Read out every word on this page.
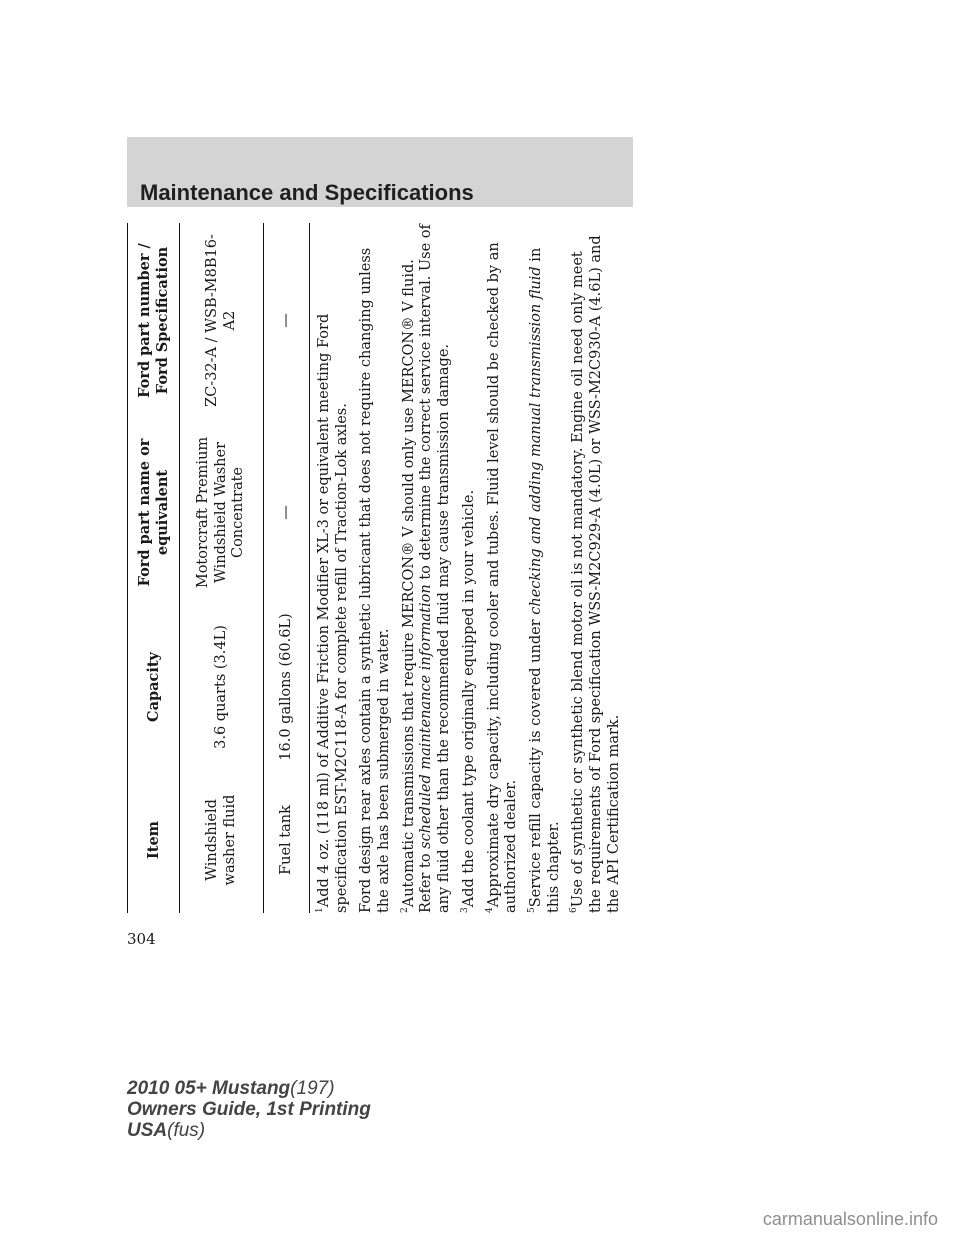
Maintenance and Specifications
Item	Capacity	Ford part name or equivalent	Ford part number / Ford Specification
Windshield washer fluid	3.6 quarts (3.4L)	Motorcraft Premium Windshield Washer Concentrate	ZC-32-A / WSB-M8B16-A2
Fuel tank	16.0 gallons (60.6L)	—	—

$^1$Add 4 oz. (118 ml) of Additive Friction Modifier XL-3 or equivalent meeting Ford specification EST-M2C118-A for complete refill of Traction-Lok axles. Ford design rear axles contain a synthetic lubricant that does not require changing unless the axle has been submerged in water. $^2$Automatic transmissions that require MERCON® V should only use MERCON® V fluid. Refer to scheduled maintenance information to determine the correct service interval. Use of any fluid other than the recommended fluid may cause transmission damage. $^3$Add the coolant type originally equipped in your vehicle.

$^4$Approximate dry capacity, including cooler and tubes. Fluid level should be checked by an authorized dealer. $^5$Service refill capacity is covered under checking and adding manual transmission fluid in this chapter. $^6$Use of synthetic or synthetic blend motor oil is not mandatory. Engine oil need only meet the requirements of Ford specification WSS-M2C929-A (4.0L) or WSS-M2C930-A (4.6L) and the API Certification mark.

304
2010 05+ Mustang(197)
Owners Guide, 1st Printing
USA(fus)
carmanualsonline.info
